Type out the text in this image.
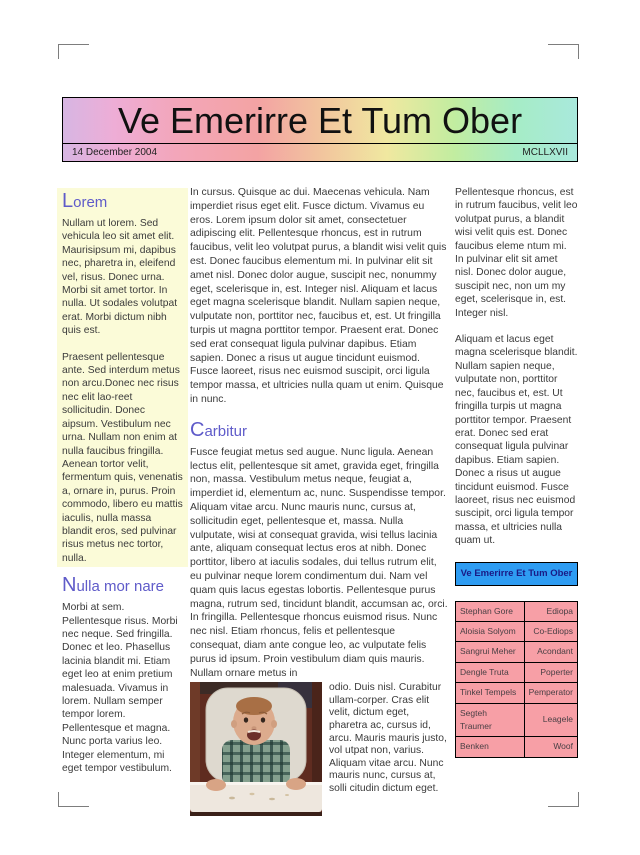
Ve Emerirre Et Tum Ober
14 December 2004	MCLLXVII
Lorem

Nullam ut lorem. Sed vehicula leo sit amet elit. Maurisipsum mi, dapibus nec, pharetra in, eleifend vel, risus. Donec urna. Morbi sit amet tortor. In nulla. Ut sodales volutpat erat. Morbi dictum nibh quis est.

Praesent pellentesque ante. Sed interdum metus non arcu.Donec nec risus nec elit lao-reet sollicitudin. Donec aipsum. Vestibulum nec urna. Nullam non enim at nulla faucibus fringilla. Aenean tortor velit, fermentum quis, venenatis a, ornare in, purus. Proin commodo, libero eu mattis iaculis, nulla massa blandit eros, sed pulvinar risus metus nec tortor, nulla.

Nulla mor nare

Morbi at sem. Pellentesque risus. Morbi nec neque. Sed fringilla. Donec et leo. Phasellus lacinia blandit mi. Etiam eget leo at enim pretium malesuada. Vivamus in lorem. Nullam semper tempor lorem. Pellentesque et magna. Nunc porta varius leo. Integer elementum, mi eget tempor vestibulum.

In cursus. Quisque ac dui. Maecenas vehicula. Nam imperdiet risus eget elit. Fusce dictum. Vivamus eu eros. Lorem ipsum dolor sit amet, consectetuer adipiscing elit. Pellentesque rhoncus, est in rutrum faucibus, velit leo volutpat purus, a blandit wisi velit quis est. Donec faucibus elementum mi. In pulvinar elit sit amet nisl. Donec dolor augue, suscipit nec, nonummy eget, scelerisque in, est. Integer nisl. Aliquam et lacus eget magna scelerisque blandit. Nullam sapien neque, vulputate non, porttitor nec, faucibus et, est. Ut fringilla turpis ut magna porttitor tempor. Praesent erat. Donec sed erat consequat ligula pulvinar dapibus. Etiam sapien. Donec a risus ut augue tincidunt euismod. Fusce laoreet, risus nec euismod suscipit, orci ligula tempor massa, et ultricies nulla quam ut enim. Quisque in nunc.

Carbitur

Fusce feugiat metus sed augue. Nunc ligula. Aenean lectus elit, pellentesque sit amet, gravida eget, fringilla non, massa. Vestibulum metus neque, feugiat a, imperdiet id, elementum ac, nunc. Suspendisse tempor. Aliquam vitae arcu. Nunc mauris nunc, cursus at, sollicitudin eget, pellentesque et, massa. Nulla vulputate, wisi at consequat gravida, wisi tellus lacinia ante, aliquam consequat lectus eros at nibh. Donec porttitor, libero at iaculis sodales, dui tellus rutrum elit, eu pulvinar neque lorem condimentum dui. Nam vel quam quis lacus egestas lobortis. Pellentesque purus magna, rutrum sed, tincidunt blandit, accumsan ac, orci. In fringilla. Pellentesque rhoncus euismod risus. Nunc nec nisl. Etiam rhoncus, felis et pellentesque consequat, diam ante congue leo, ac vulputate felis purus id ipsum. Proin vestibulum diam quis mauris. Nullam ornare metus in

odio. Duis nisl. Curabitur ullam-corper. Cras elit velit, dictum eget, pharetra ac, cursus id, arcu. Mauris mauris justo, vol utpat non, varius. Aliquam vitae arcu. Nunc mauris nunc, cursus at, solli citudin dictum eget.

Pellentesque rhoncus, est in rutrum faucibus, velit leo volutpat purus, a blandit wisi velit quis est. Donec faucibus eleme ntum mi. In pulvinar elit sit amet nisl. Donec dolor augue, suscipit nec, non um my eget, scelerisque in, est. Integer nisl.

Aliquam et lacus eget magna scelerisque blandit. Nullam sapien neque, vulputate non, porttitor nec, faucibus et, est. Ut fringilla turpis ut magna porttitor tempor. Praesent erat. Donec sed erat consequat ligula pulvinar dapibus. Etiam sapien. Donec a risus ut augue tincidunt euismod. Fusce laoreet, risus nec euismod suscipit, orci ligula tempor massa, et ultricies nulla quam ut.

Ve Emerirre Et Tum Ober
Stephan Gore	Ediopa
Aloisia Solyom	Co-Ediops
Sangrui Meher	Acondant
Dengle Truta	Poperter
Tinkel Tempels	Pemperator
Segteh Traumer	Leagele
Benken	Woof
